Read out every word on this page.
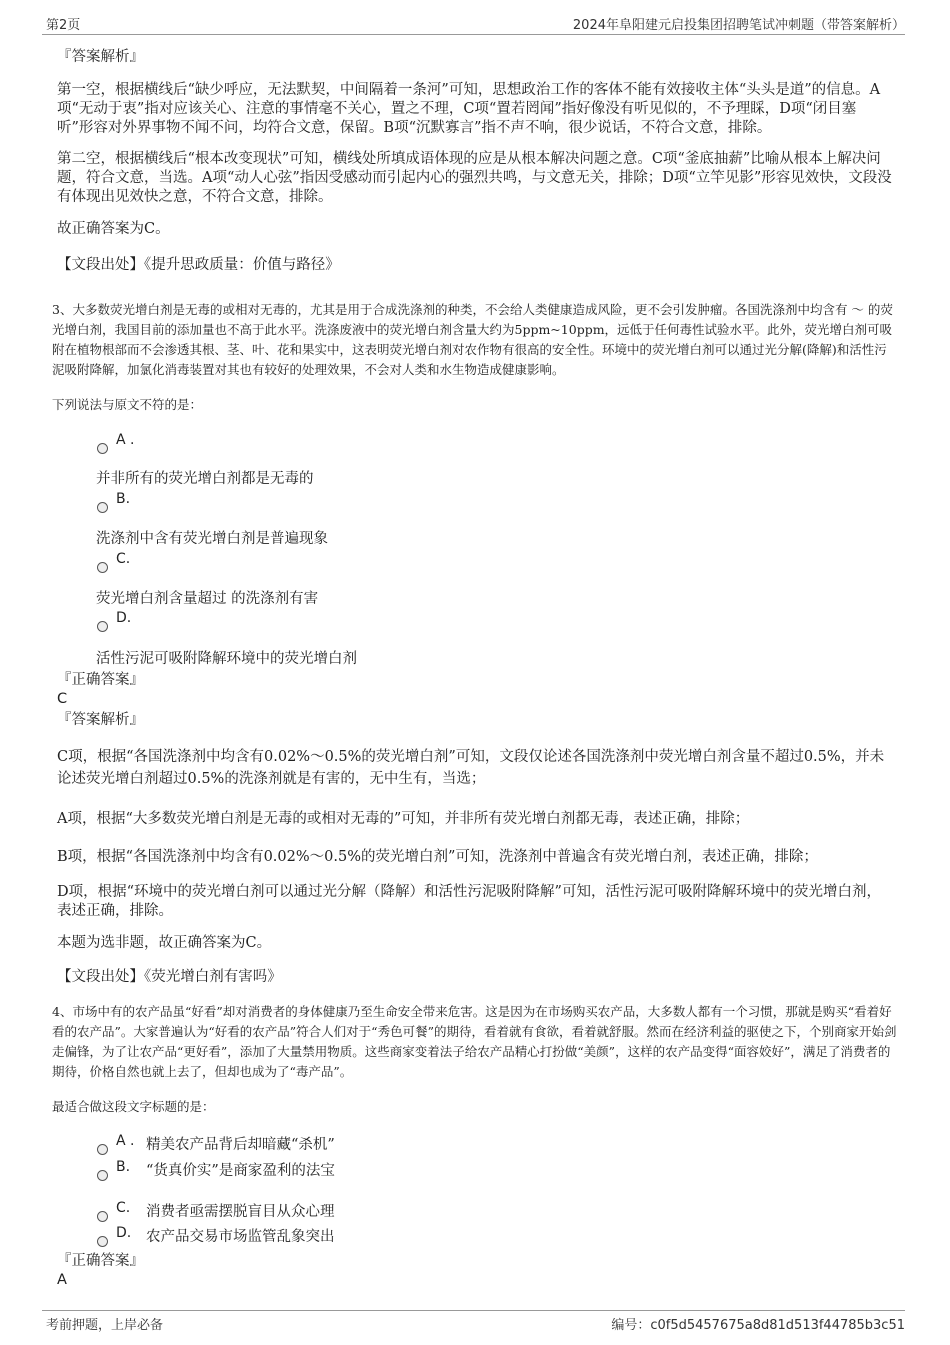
第2页	2024年阜阳建元启投集团招聘笔试冲刺题（带答案解析）
『答案解析』
第一空，根据横线后“缺少呼应，无法默契，中间隔着一条河”可知，思想政治工作的客体不能有效接收主体“头头是道”的信息。A项“无动于衷”指对应该关心、注意的事情毫不关心，置之不理，C项“置若罔闻”指好像没有听见似的，不予理睬，D项“闭目塞听”形容对外界事物不闻不问，均符合文意，保留。B项“沉默寡言”指不声不响，很少说话，不符合文意，排除。
第二空，根据横线后“根本改变现状”可知，横线处所填成语体现的应是从根本解决问题之意。C项“釜底抽薪”比喻从根本上解决问题，符合文意，当选。A项“动人心弦”指因受感动而引起内心的强烈共鸣，与文意无关，排除；D项“立竿见影”形容见效快，文段没有体现出见效快之意，不符合文意，排除。
故正确答案为C。
【文段出处】《提升思政质量：价值与路径》
3、大多数荧光增白剂是无毒的或相对无毒的，尤其是用于合成洗涤剂的种类，不会给人类健康造成风险，更不会引发肿瘤。各国洗涤剂中均含有 ～ 的荧光增白剂，我国目前的添加量也不高于此水平。洗涤废液中的荧光增白剂含量大约为5ppm~10ppm，远低于任何毒性试验水平。此外，荧光增白剂可吸附在植物根部而不会渗透其根、茎、叶、花和果实中，这表明荧光增白剂对农作物有很高的安全性。环境中的荧光增白剂可以通过光分解(降解)和活性污泥吸附降解，加氯化消毒装置对其也有较好的处理效果，不会对人类和水生物造成健康影响。
下列说法与原文不符的是：
A .
并非所有的荧光增白剂都是无毒的
B.
洗涤剂中含有荧光增白剂是普遍现象
C.
荧光增白剂含量超过 的洗涤剂有害
D.
活性污泥可吸附降解环境中的荧光增白剂
『正确答案』
C
『答案解析』
C项，根据“各国洗涤剂中均含有0.02%～0.5%的荧光增白剂”可知，文段仅论述各国洗涤剂中荧光增白剂含量不超过0.5%，并未论述荧光增白剂超过0.5%的洗涤剂就是有害的，无中生有，当选；
A项，根据“大多数荧光增白剂是无毒的或相对无毒的”可知，并非所有荧光增白剂都无毒，表述正确，排除；
B项，根据“各国洗涤剂中均含有0.02%～0.5%的荧光增白剂”可知，洗涤剂中普遍含有荧光增白剂，表述正确，排除；
D项，根据“环境中的荧光增白剂可以通过光分解（降解）和活性污泥吸附降解”可知，活性污泥可吸附降解环境中的荧光增白剂，表述正确，排除。
本题为选非题，故正确答案为C。
【文段出处】《荧光增白剂有害吗》
4、市场中有的农产品虽“好看”却对消费者的身体健康乃至生命安全带来危害。这是因为在市场购买农产品，大多数人都有一个习惯，那就是购买“看着好看的农产品”。大家普遍认为“好看的农产品”符合人们对于“秀色可餐”的期待，看着就有食欲，看着就舒服。然而在经济利益的驱使之下，个别商家开始剑走偏锋，为了让农产品“更好看”，添加了大量禁用物质。这些商家变着法子给农产品精心打扮做“美颜”，这样的农产品变得“面容姣好”，满足了消费者的期待，价格自然也就上去了，但却也成为了“毒产品”。
最适合做这段文字标题的是：
A . 精美农产品背后却暗藏“杀机”
B. “货真价实”是商家盈利的法宝
C. 消费者亟需摆脱盲目从众心理
D. 农产品交易市场监管乱象突出
『正确答案』
A
考前押题，上岸必备	编号：c0f5d5457675a8d81d513f44785b3c51
